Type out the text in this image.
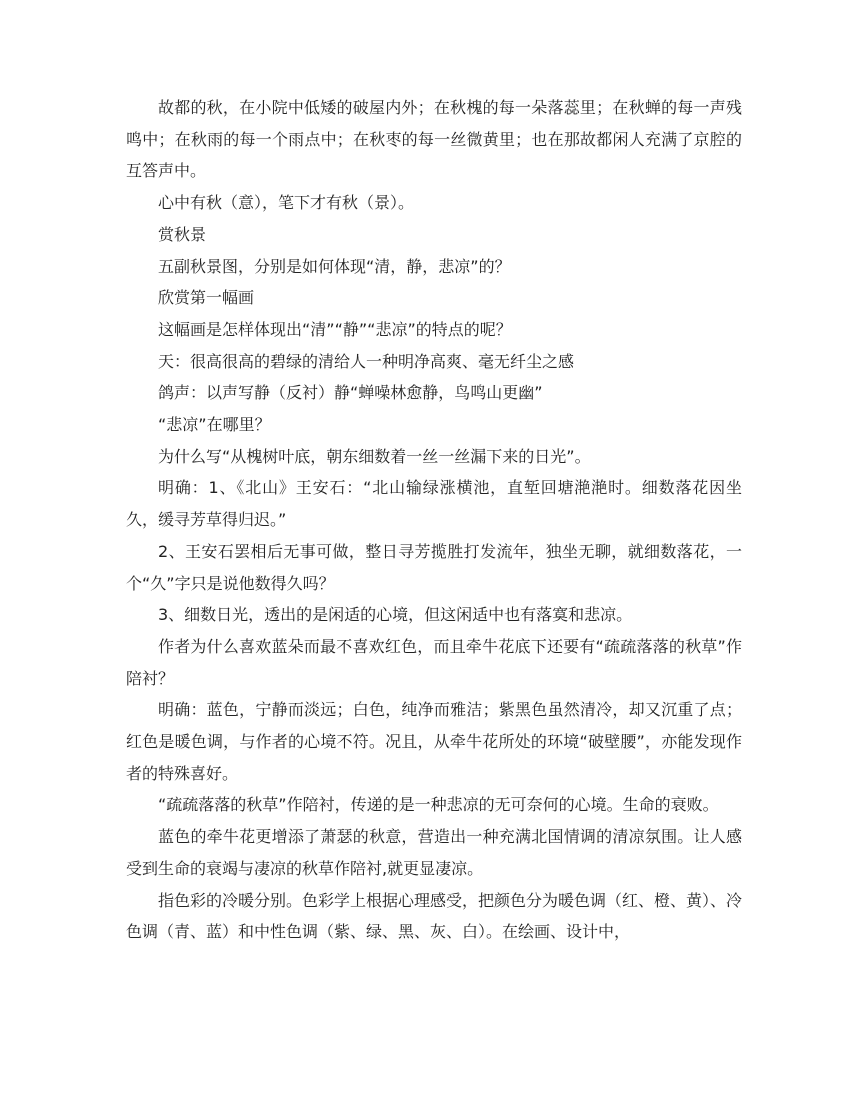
故都的秋，在小院中低矮的破屋内外；在秋槐的每一朵落蕊里；在秋蝉的每一声残鸣中；在秋雨的每一个雨点中；在秋枣的每一丝微黄里；也在那故都闲人充满了京腔的互答声中。

心中有秋（意），笔下才有秋（景）。

赏秋景

五副秋景图，分别是如何体现“清，静，悲凉”的？

欣赏第一幅画

这幅画是怎样体现出“清”“静”“悲凉”的特点的呢？

天：很高很高的碧绿的清给人一种明净高爽、毫无纤尘之感

鸽声：以声写静（反衬）静“蝉噪林愈静，鸟鸣山更幽”

“悲凉”在哪里？

为什么写“从槐树叶底，朝东细数着一丝一丝漏下来的日光”。

明确：1、《北山》王安石：“北山输绿涨横池，直堑回塘滟滟时。细数落花因坐久，缓寻芳草得归迟。”

2、王安石罢相后无事可做，整日寻芳揽胜打发流年，独坐无聊，就细数落花，一个“久”字只是说他数得久吗？

3、细数日光，透出的是闲适的心境，但这闲适中也有落寞和悲凉。

作者为什么喜欢蓝朵而最不喜欢红色，而且牵牛花底下还要有“疏疏落落的秋草”作陪衬？

明确：蓝色，宁静而淡远；白色，纯净而雅洁；紫黑色虽然清冷，却又沉重了点；红色是暖色调，与作者的心境不符。况且，从牵牛花所处的环境“破壁腰”，亦能发现作者的特殊喜好。

“疏疏落落的秋草”作陪衬，传递的是一种悲凉的无可奈何的心境。生命的衰败。

蓝色的牵牛花更增添了萧瑟的秋意，营造出一种充满北国情调的清凉氛围。让人感受到生命的衰竭与凄凉的秋草作陪衬,就更显凄凉。

指色彩的冷暖分别。色彩学上根据心理感受，把颜色分为暖色调（红、橙、黄）、冷色调（青、蓝）和中性色调（紫、绿、黑、灰、白）。在绘画、设计中，
